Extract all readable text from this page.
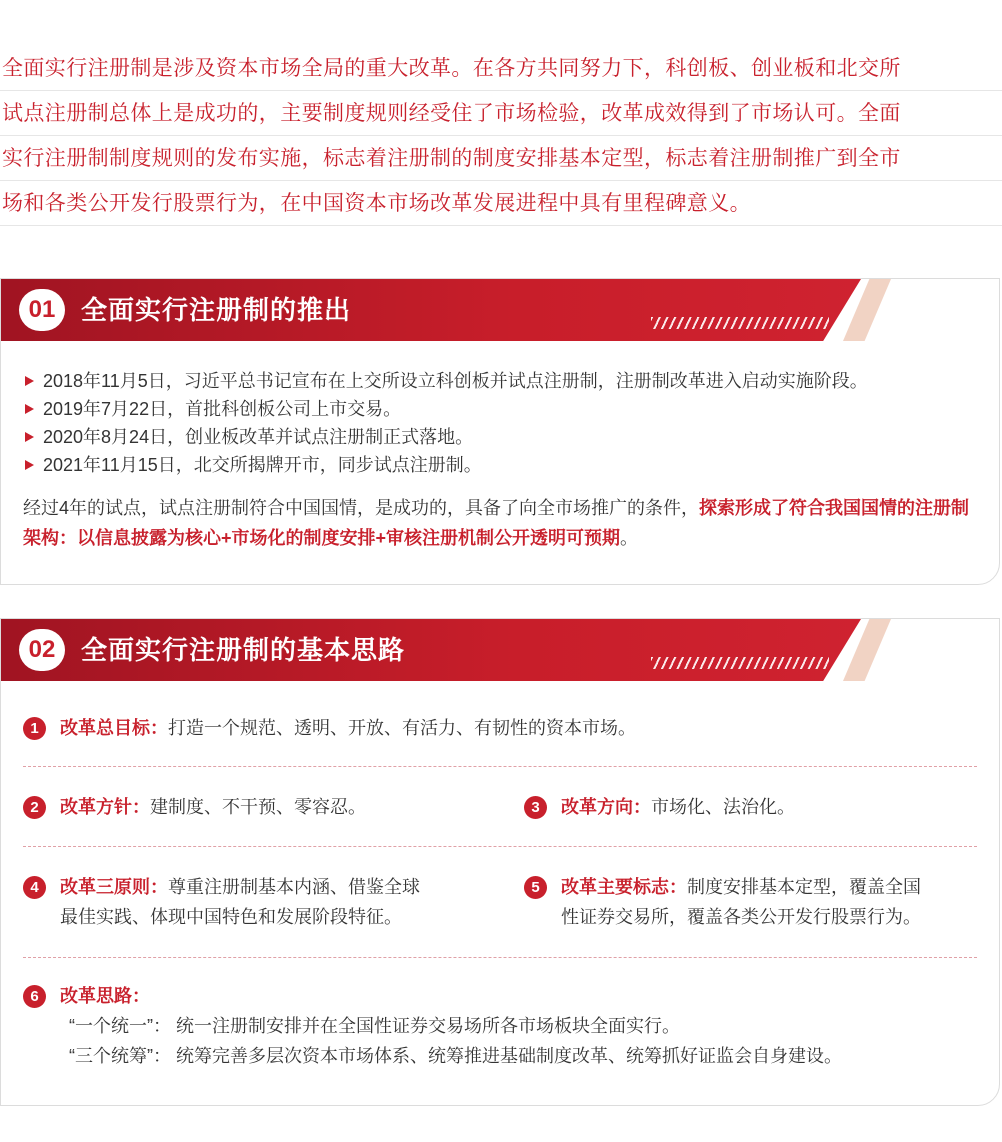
全面实行注册制是涉及资本市场全局的重大改革。在各方共同努力下，科创板、创业板和北交所
试点注册制总体上是成功的，主要制度规则经受住了市场检验，改革成效得到了市场认可。全面
实行注册制制度规则的发布实施，标志着注册制的制度安排基本定型，标志着注册制推广到全市
场和各类公开发行股票行为，在中国资本市场改革发展进程中具有里程碑意义。
01 全面实行注册制的推出
2018年11月5日，习近平总书记宣布在上交所设立科创板并试点注册制，注册制改革进入启动实施阶段。
2019年7月22日，首批科创板公司上市交易。
2020年8月24日，创业板改革并试点注册制正式落地。
2021年11月15日，北交所揭牌开市，同步试点注册制。
经过4年的试点，试点注册制符合中国国情，是成功的，具备了向全市场推广的条件，探索形成了符合我国国情的注册制架构：以信息披露为核心+市场化的制度安排+审核注册机制公开透明可预期。
02 全面实行注册制的基本思路
1	改革总目标：打造一个规范、透明、开放、有活力、有韧性的资本市场。
2	改革方针：建制度、不干预、零容忍。	3	改革方向：市场化、法治化。
4	改革三原则：尊重注册制基本内涵、借鉴全球
最佳实践、体现中国特色和发展阶段特征。
5	改革主要标志：制度安排基本定型，覆盖全国
性证券交易所，覆盖各类公开发行股票行为。
6	改革思路：
“一个统一”： 统一注册制安排并在全国性证券交易场所各市场板块全面实行。
“三个统筹”： 统筹完善多层次资本市场体系、统筹推进基础制度改革、统筹抓好证监会自身建设。
